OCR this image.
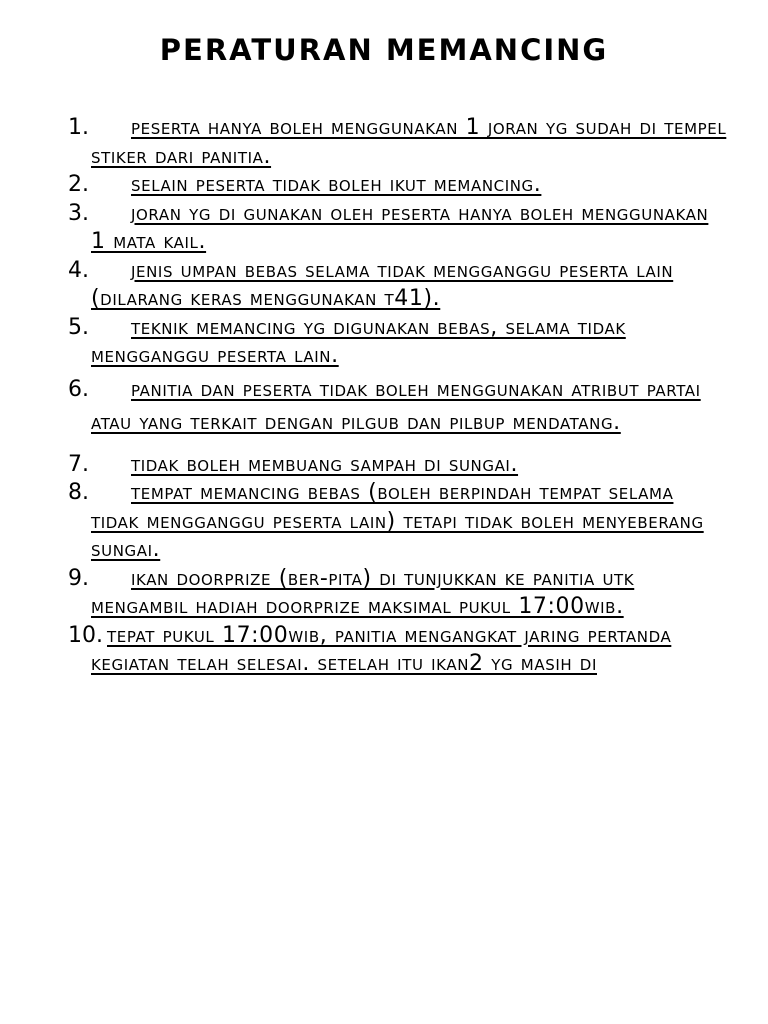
PERATURAN MEMANCING
1.	peserta hanya boleh menggunakan 1 joran yg sudah di tempel stiker dari panitia.
2.	selain peserta tidak boleh ikut memancing.
3.	joran yg di gunakan oleh peserta hanya boleh menggunakan 1 mata kail.
4.	jenis umpan bebas selama tidak mengganggu peserta lain (dilarang keras menggunakan t41).
5.	teknik memancing yg digunakan bebas, selama tidak mengganggu peserta lain.
6.	panitia dan peserta tidak boleh menggunakan atribut partai atau yang terkait dengan pilgub dan pilbup mendatang.
7.	tidak boleh membuang sampah di sungai.
8.	tempat memancing bebas (boleh berpindah tempat selama tidak mengganggu peserta lain) tetapi tidak boleh menyeberang sungai.
9.	ikan doorprize (ber-pita) di tunjukkan ke panitia utk mengambil hadiah doorprize maksimal pukul 17:00wib.
10. tepat pukul 17:00wib, panitia mengangkat jaring pertanda kegiatan telah selesai. setelah itu ikan2 yg masih di
